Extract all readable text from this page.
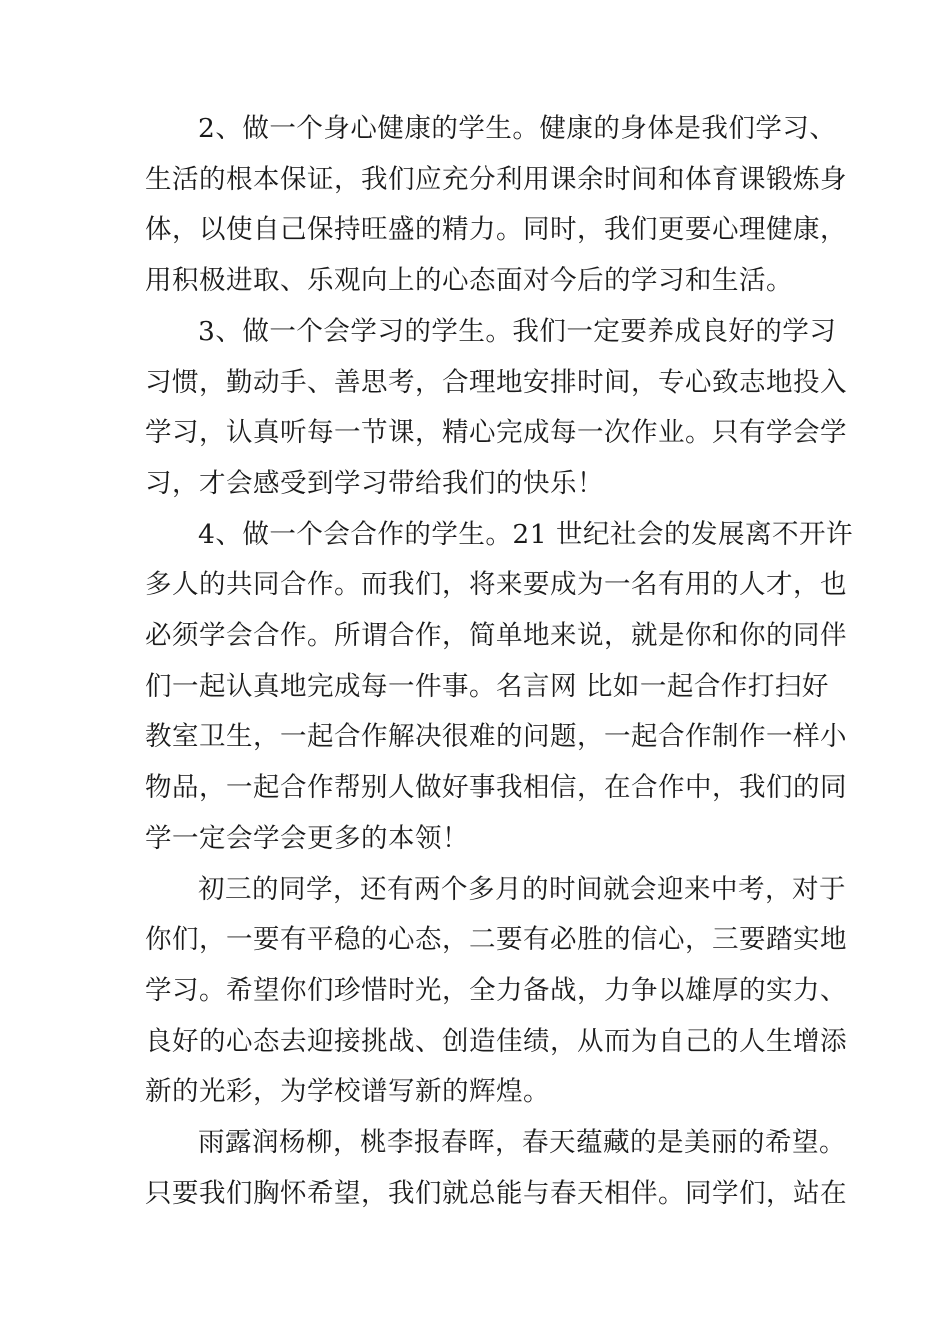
2、做一个身心健康的学生。健康的身体是我们学习、
生活的根本保证，我们应充分利用课余时间和体育课锻炼身
体，以使自己保持旺盛的精力。同时，我们更要心理健康，
用积极进取、乐观向上的心态面对今后的学习和生活。

3、做一个会学习的学生。我们一定要养成良好的学习
习惯，勤动手、善思考，合理地安排时间，专心致志地投入
学习，认真听每一节课，精心完成每一次作业。只有学会学
习，才会感受到学习带给我们的快乐！

4、做一个会合作的学生。21 世纪社会的发展离不开许
多人的共同合作。而我们，将来要成为一名有用的人才，也
必须学会合作。所谓合作，简单地来说，就是你和你的同伴
们一起认真地完成每一件事。名言网 比如一起合作打扫好
教室卫生，一起合作解决很难的问题，一起合作制作一样小
物品，一起合作帮别人做好事我相信，在合作中，我们的同
学一定会学会更多的本领！

初三的同学，还有两个多月的时间就会迎来中考，对于
你们，一要有平稳的心态，二要有必胜的信心，三要踏实地
学习。希望你们珍惜时光，全力备战，力争以雄厚的实力、
良好的心态去迎接挑战、创造佳绩，从而为自己的人生增添
新的光彩，为学校谱写新的辉煌。

雨露润杨柳，桃李报春晖，春天蕴藏的是美丽的希望。
只要我们胸怀希望，我们就总能与春天相伴。同学们，站在
